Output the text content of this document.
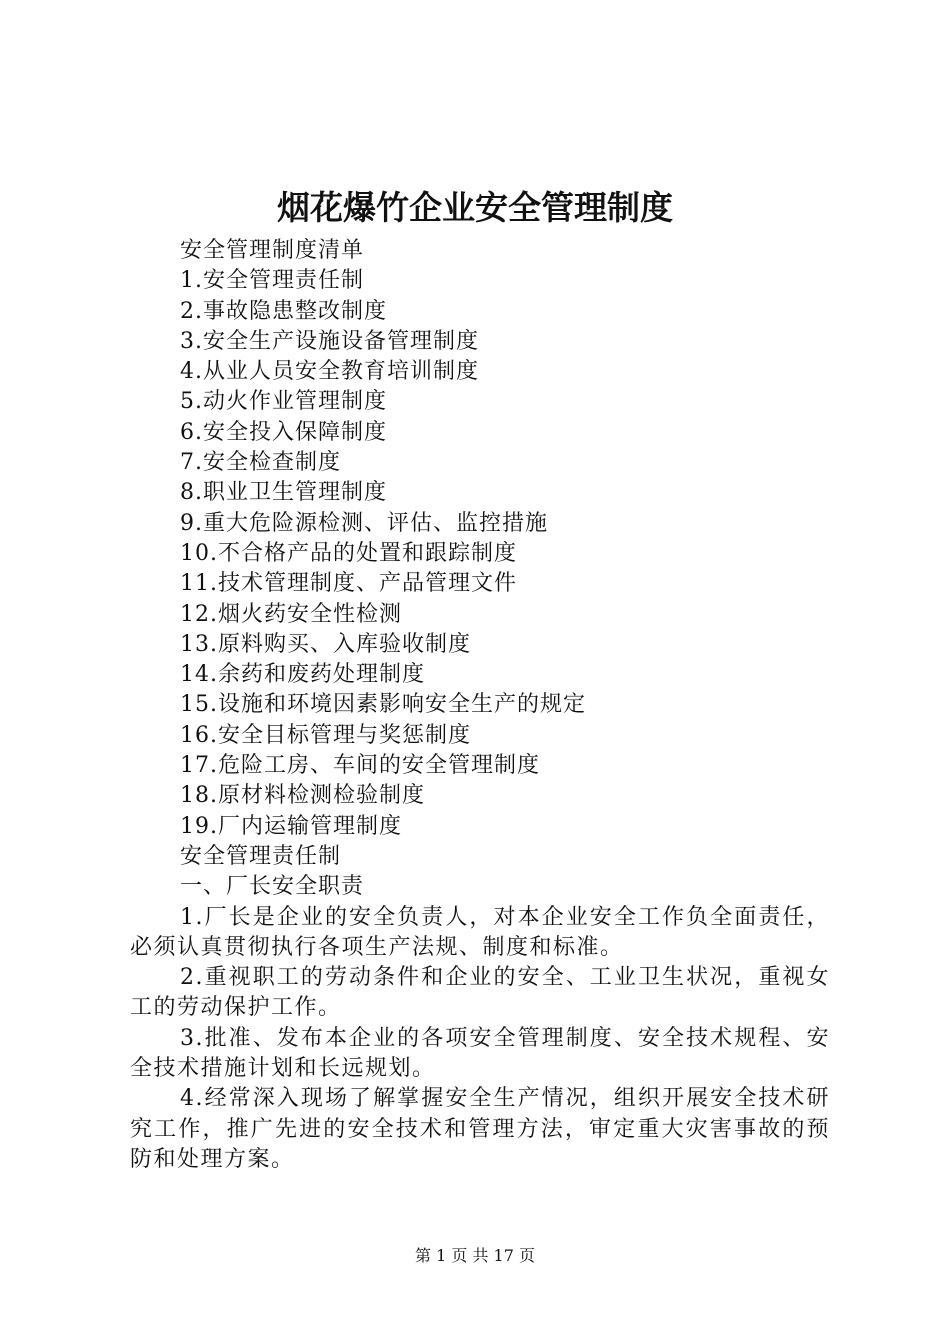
烟花爆竹企业安全管理制度
安全管理制度清单
1.安全管理责任制
2.事故隐患整改制度
3.安全生产设施设备管理制度
4.从业人员安全教育培训制度
5.动火作业管理制度
6.安全投入保障制度
7.安全检查制度
8.职业卫生管理制度
9.重大危险源检测、评估、监控措施
10.不合格产品的处置和跟踪制度
11.技术管理制度、产品管理文件
12.烟火药安全性检测
13.原料购买、入库验收制度
14.余药和废药处理制度
15.设施和环境因素影响安全生产的规定
16.安全目标管理与奖惩制度
17.危险工房、车间的安全管理制度
18.原材料检测检验制度
19.厂内运输管理制度
安全管理责任制
一、厂长安全职责

1.厂长是企业的安全负责人，对本企业安全工作负全面责任，必须认真贯彻执行各项生产法规、制度和标准。

2.重视职工的劳动条件和企业的安全、工业卫生状况，重视女工的劳动保护工作。

3.批准、发布本企业的各项安全管理制度、安全技术规程、安全技术措施计划和长远规划。

4.经常深入现场了解掌握安全生产情况，组织开展安全技术研究工作，推广先进的安全技术和管理方法，审定重大灾害事故的预防和处理方案。

第 1 页 共 17 页
